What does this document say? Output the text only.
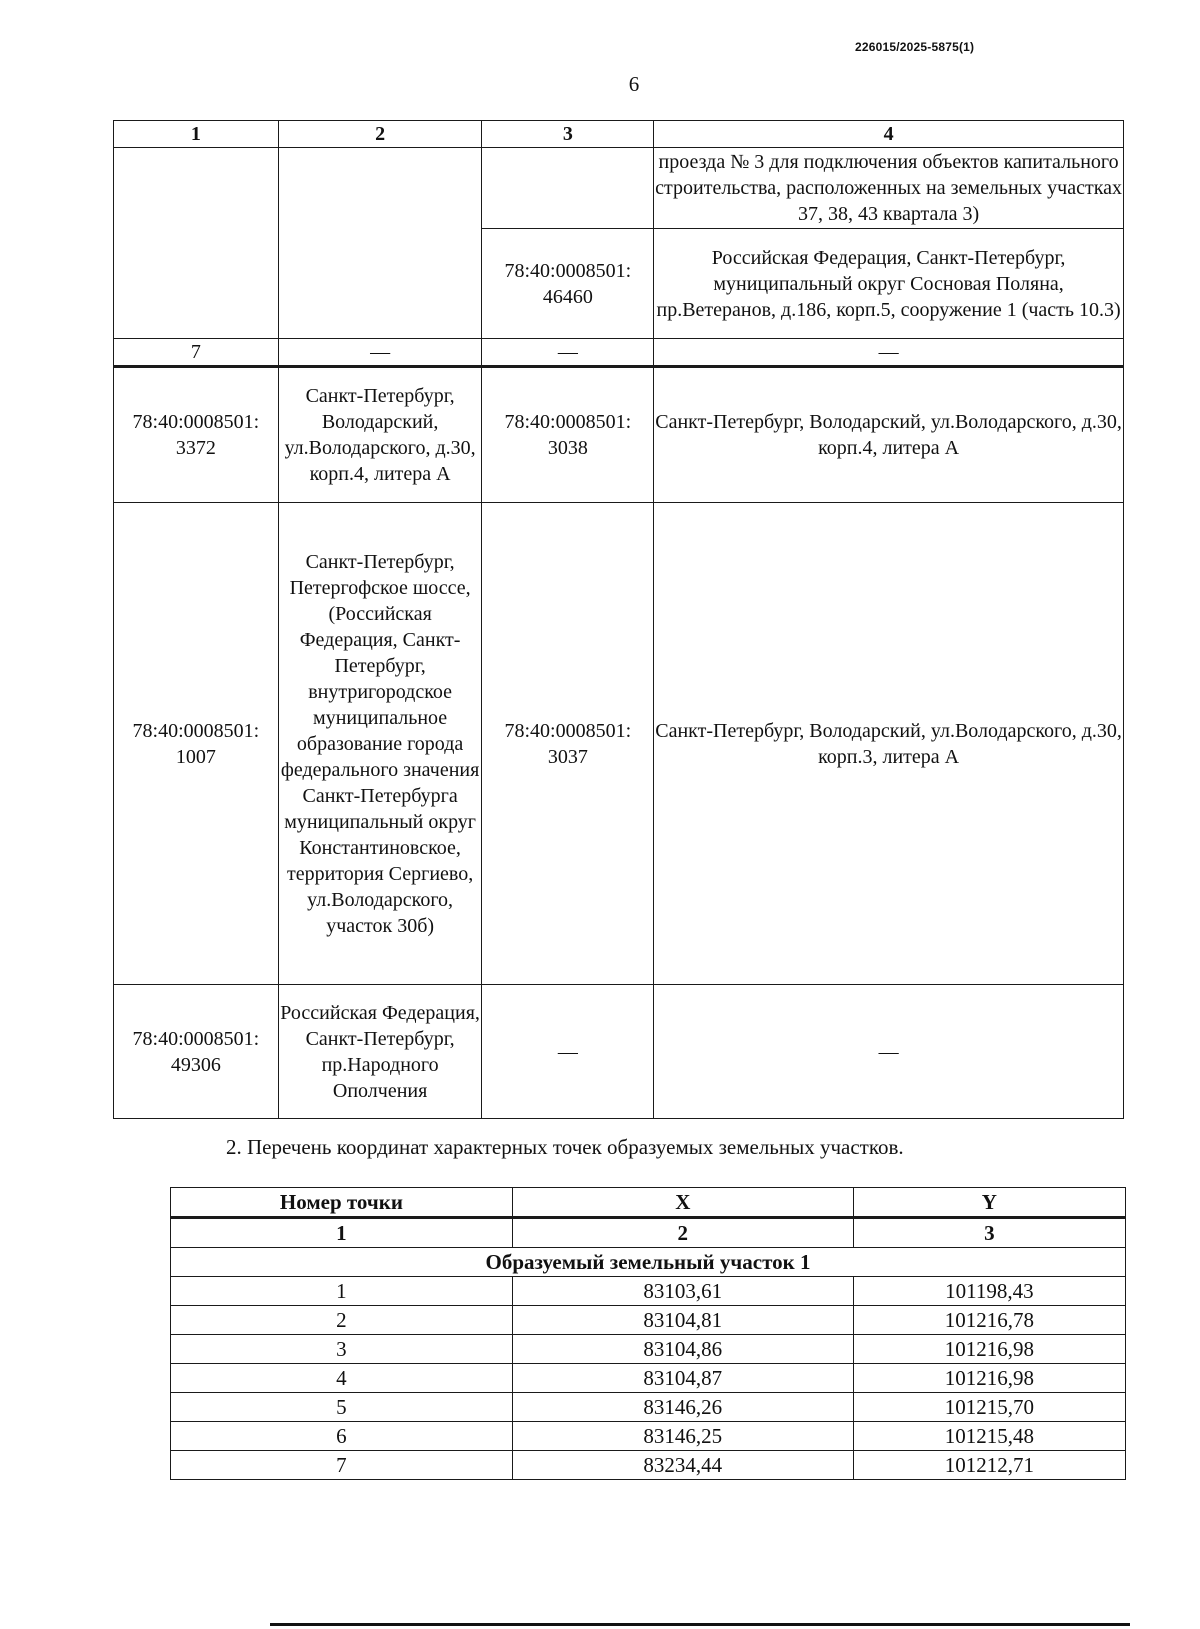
226015/2025-5875(1)
6
1	2	3	4
			проезда № 3 для подключения объектов капитального строительства, расположенных на земельных участках 37, 38, 43 квартала 3)
		78:40:0008501: 46460	Российская Федерация, Санкт-Петербург, муниципальный округ Сосновая Поляна, пр.Ветеранов, д.186, корп.5, сооружение 1 (часть 10.3)
7	—	—	—
78:40:0008501: 3372	Санкт-Петербург, Володарский, ул.Володарского, д.30, корп.4, литера А	78:40:0008501: 3038	Санкт-Петербург, Володарский, ул.Володарского, д.30, корп.4, литера А
78:40:0008501: 1007	Санкт-Петербург, Петергофское шоссе, (Российская Федерация, Санкт-Петербург, внутригородское муниципальное образование города федерального значения Санкт-Петербурга муниципальный округ Константиновское, территория Сергиево, ул.Володарского, участок 30б)	78:40:0008501: 3037	Санкт-Петербург, Володарский, ул.Володарского, д.30, корп.3, литера А
78:40:0008501: 49306	Российская Федерация, Санкт-Петербург, пр.Народного Ополчения	—	—
2. Перечень координат характерных точек образуемых земельных участков.
Номер точки	X	Y
1	2	3
Образуемый земельный участок 1		
1	83103,61	101198,43
2	83104,81	101216,78
3	83104,86	101216,98
4	83104,87	101216,98
5	83146,26	101215,70
6	83146,25	101215,48
7	83234,44	101212,71
